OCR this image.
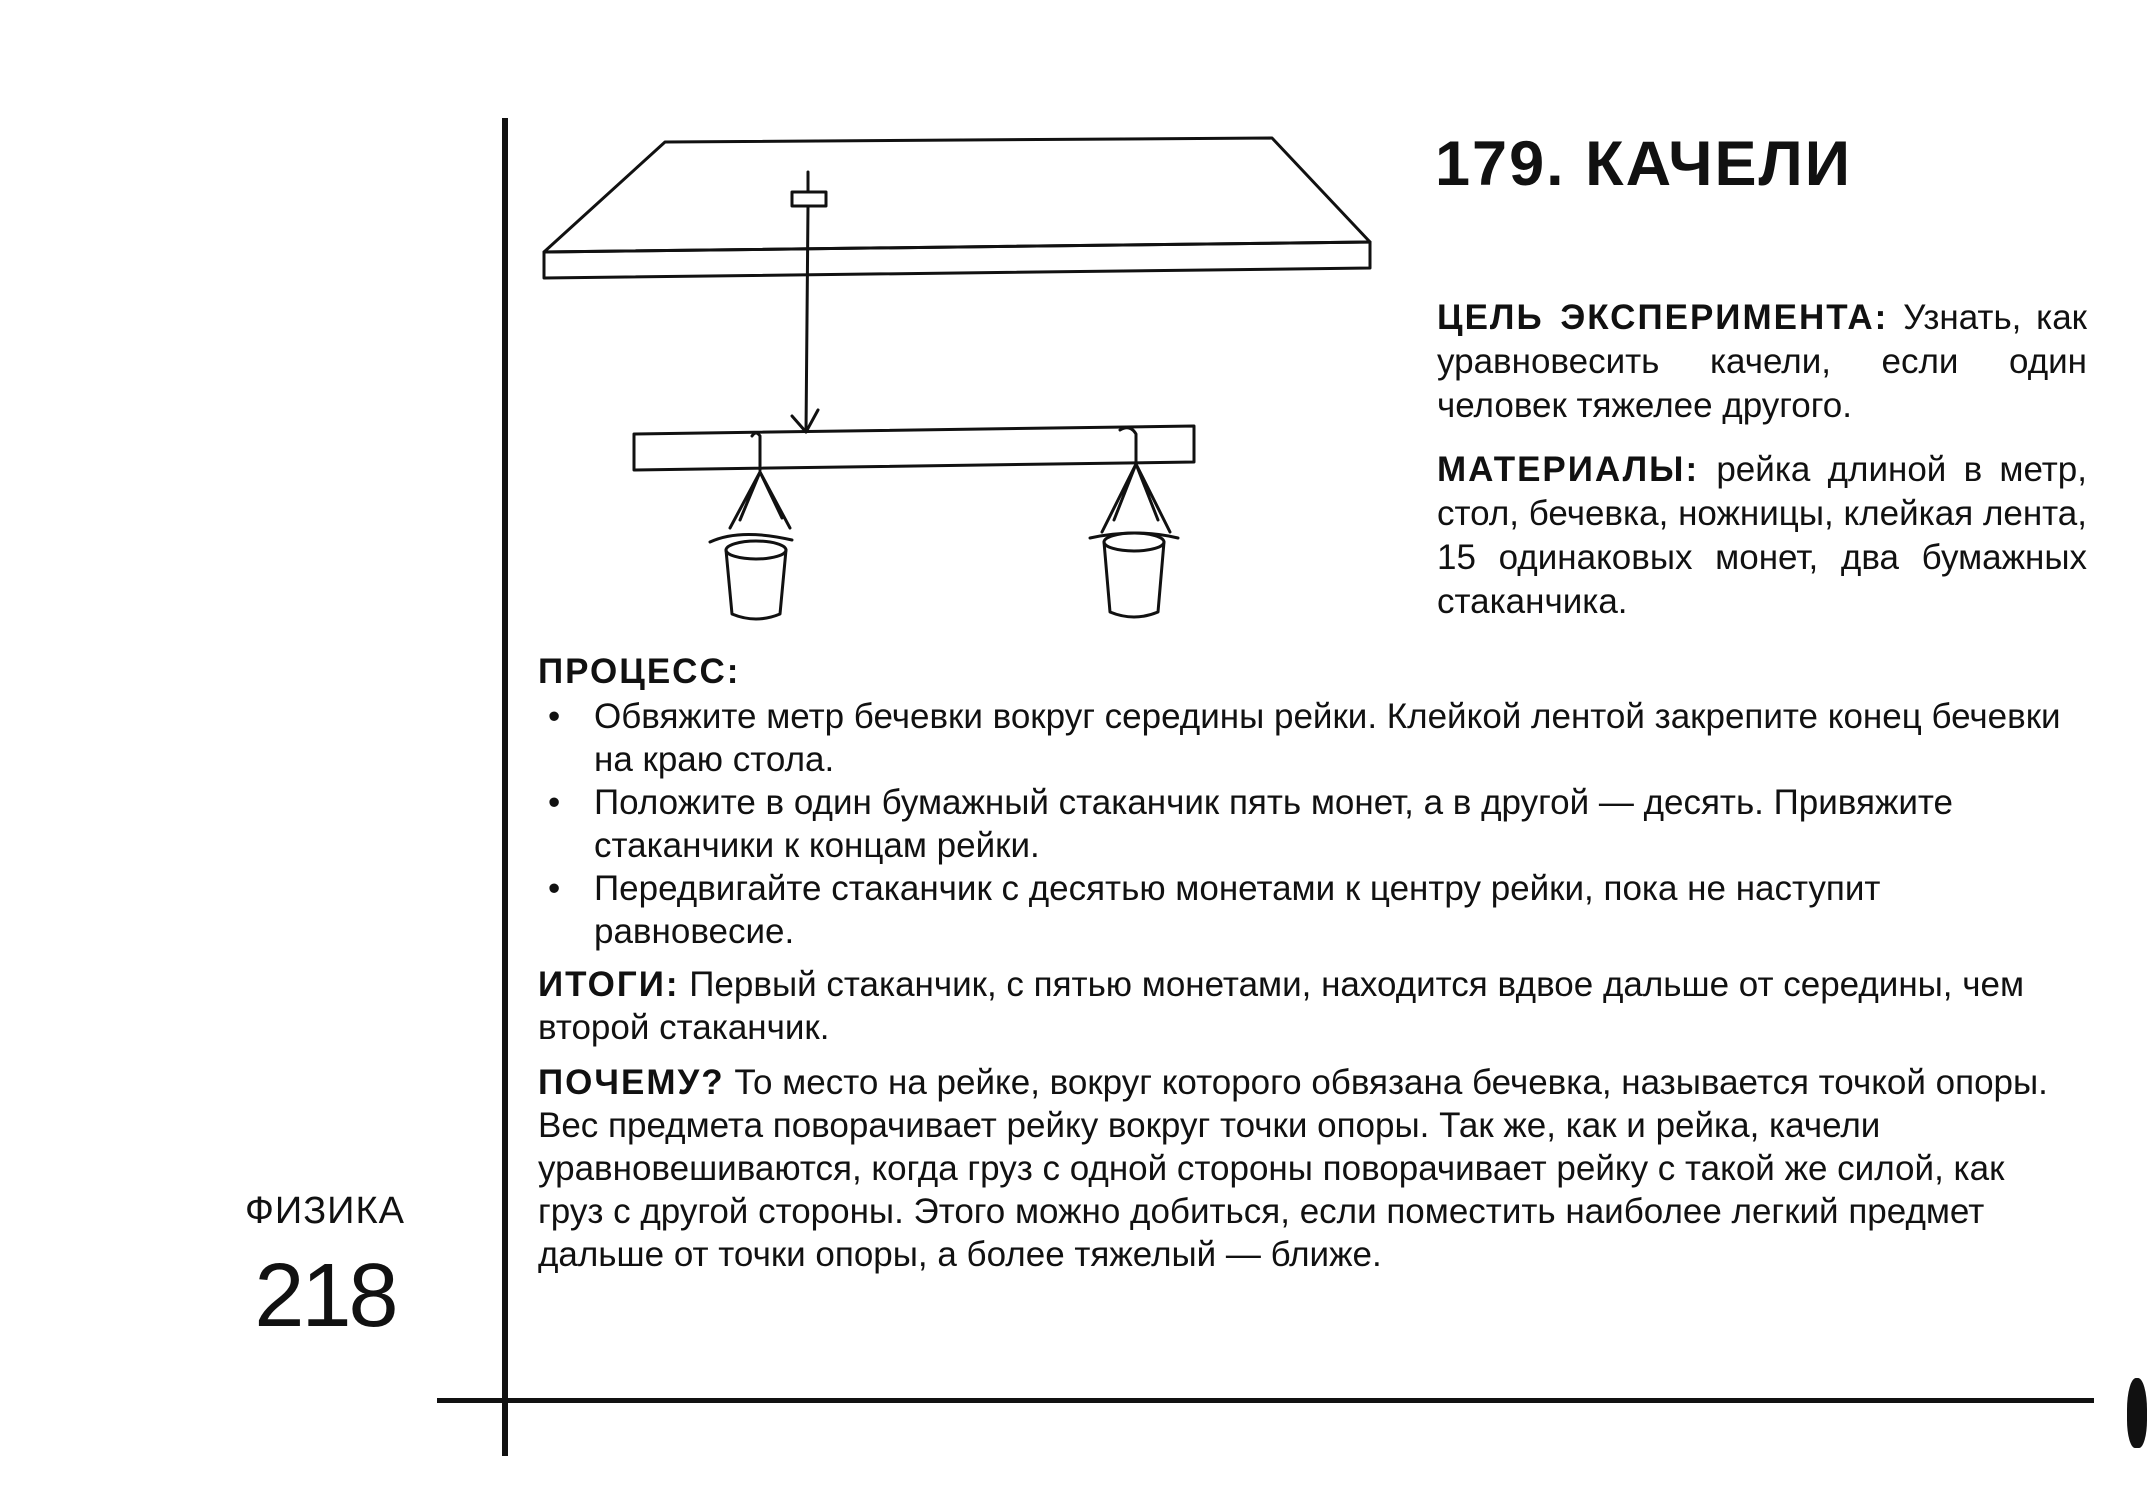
ФИЗИКА
218
179. КАЧЕЛИ

ЦЕЛЬ ЭКСПЕРИМЕНТА: Узнать, как уравновесить качели, если один человек тяжелее другого.

МАТЕРИАЛЫ: рейка длиной в метр, стол, бечевка, ножницы, клейкая лента, 15 одинаковых монет, два бумажных стаканчика.

ПРОЦЕСС:
• Обвяжите метр бечевки вокруг середины рейки. Клейкой лентой закрепите конец бечевки на краю стола.
• Положите в один бумажный стаканчик пять монет, а в другой — десять. Привяжите стаканчики к концам рейки.
• Передвигайте стаканчик с десятью монетами к центру рейки, пока не наступит равновесие.

ИТОГИ: Первый стаканчик, с пятью монетами, находится вдвое дальше от середины, чем второй стаканчик.

ПОЧЕМУ? То место на рейке, вокруг которого обвязана бечевка, называется точкой опоры. Вес предмета поворачивает рейку вокруг точки опоры. Так же, как и рейка, качели уравновешиваются, когда груз с одной стороны поворачивает рейку с такой же силой, как груз с другой стороны. Этого можно добиться, если поместить наиболее легкий предмет дальше от точки опоры, а более тяжелый — ближе.
